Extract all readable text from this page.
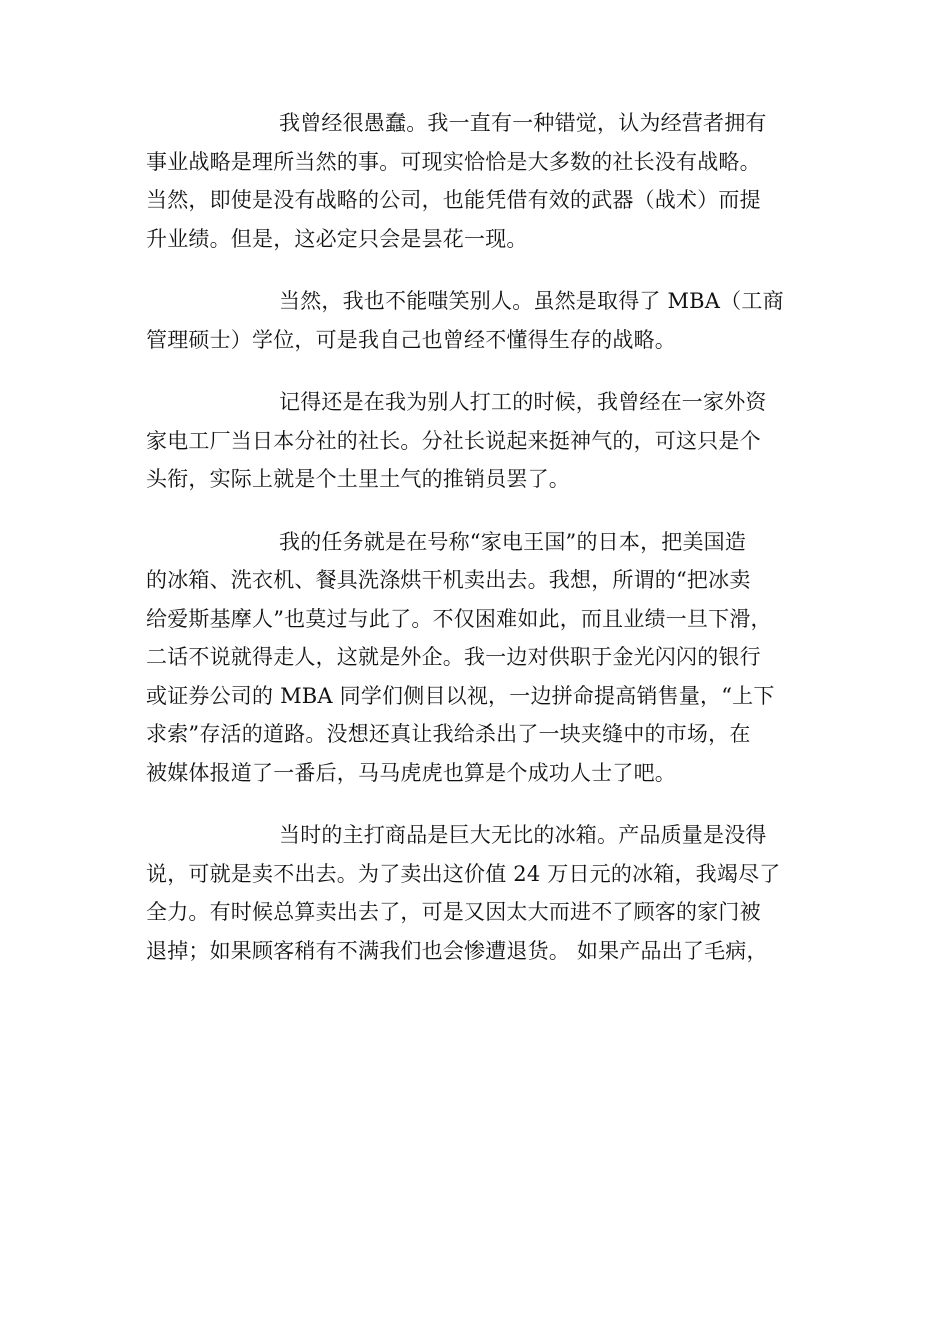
我曾经很愚蠢。我一直有一种错觉，认为经营者拥有
事业战略是理所当然的事。可现实恰恰是大多数的社长没有战略。
当然，即使是没有战略的公司，也能凭借有效的武器（战术）而提
升业绩。但是，这必定只会是昙花一现。

当然，我也不能嗤笑别人。虽然是取得了 MBA（工商
管理硕士）学位，可是我自己也曾经不懂得生存的战略。

记得还是在我为别人打工的时候，我曾经在一家外资
家电工厂当日本分社的社长。分社长说起来挺神气的，可这只是个
头衔，实际上就是个土里土气的推销员罢了。

我的任务就是在号称“家电王国”的日本，把美国造
的冰箱、洗衣机、餐具洗涤烘干机卖出去。我想，所谓的“把冰卖
给爱斯基摩人”也莫过与此了。不仅困难如此，而且业绩一旦下滑，
二话不说就得走人，这就是外企。我一边对供职于金光闪闪的银行
或证券公司的 MBA 同学们侧目以视，一边拼命提高销售量，“上下
求索”存活的道路。没想还真让我给杀出了一块夹缝中的市场，在
被媒体报道了一番后，马马虎虎也算是个成功人士了吧。

当时的主打商品是巨大无比的冰箱。产品质量是没得
说，可就是卖不出去。为了卖出这价值 24 万日元的冰箱，我竭尽了
全力。有时候总算卖出去了，可是又因太大而进不了顾客的家门被
退掉；如果顾客稍有不满我们也会惨遭退货。 如果产品出了毛病，
